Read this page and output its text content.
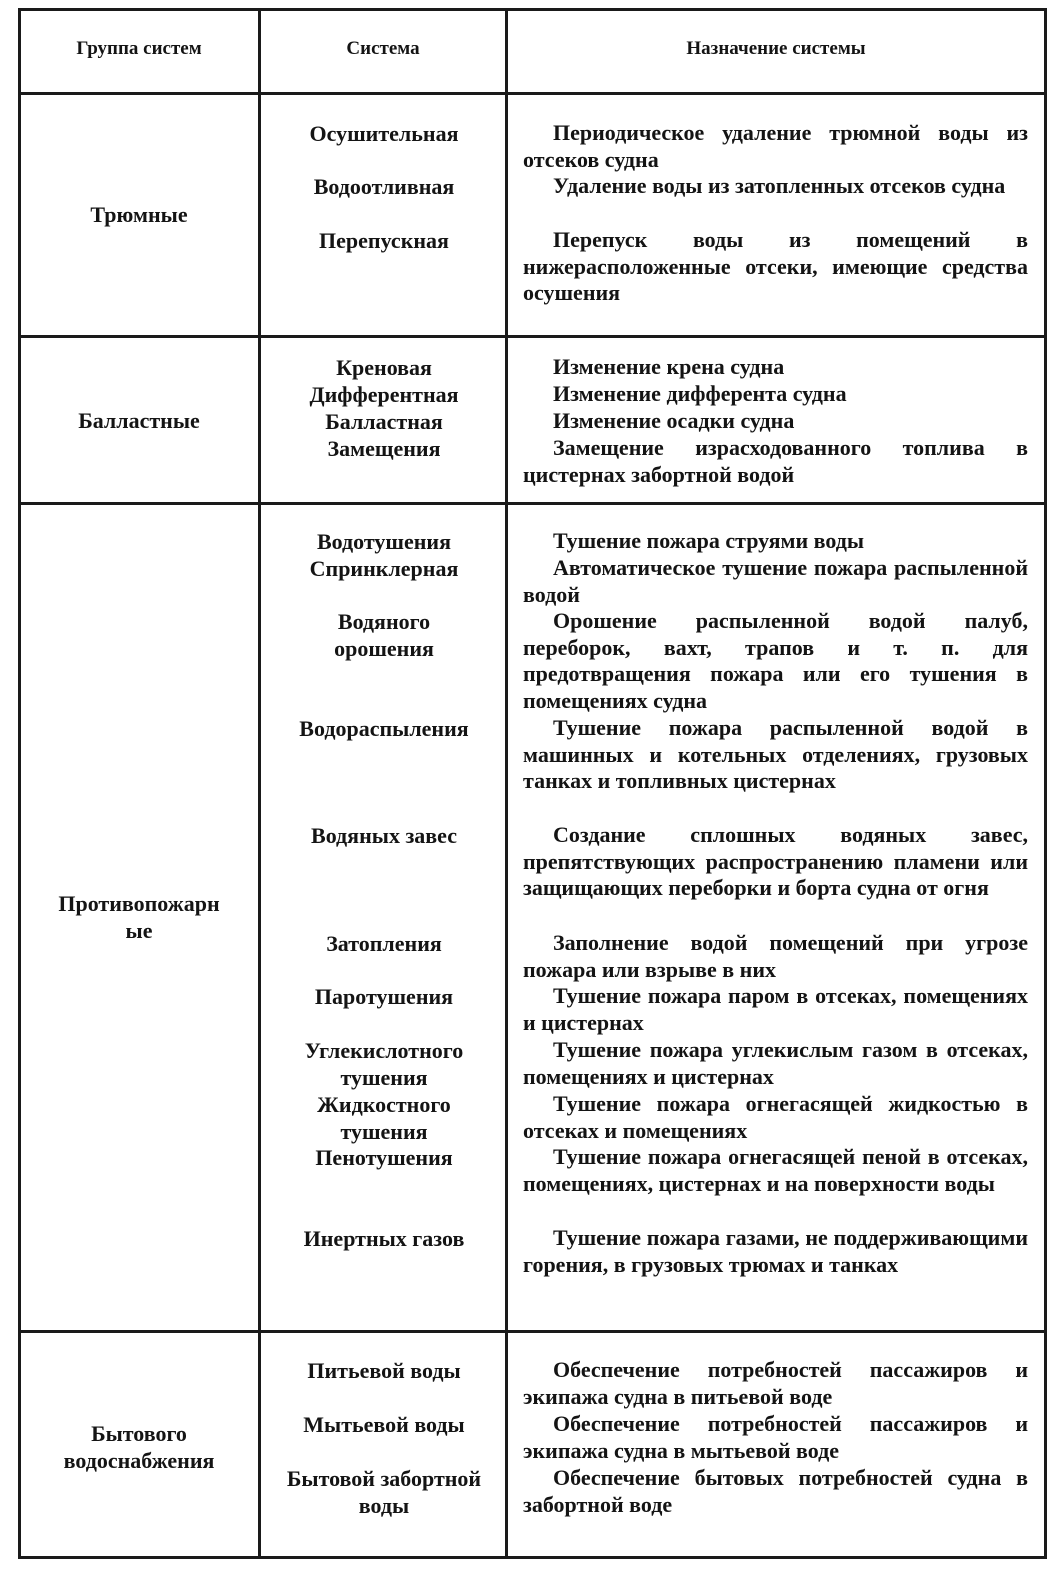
Группа систем	Система	Назначение системы
Трюмные
Осушительная
Водоотливная
Перепускная
Периодическое удаление трюмной воды из отсеков судна
Удаление воды из затопленных отсеков судна
Перепуск воды из помещений в нижерасположенные отсеки, имеющие средства осушения
Балластные
Креновая
Дифферентная
Балластная
Замещения
Изменение крена судна
Изменение дифферента судна
Изменение осадки судна
Замещение израсходованного топлива в цистернах забортной водой
Противопожарные
Водотушения
Спринклерная
Водяного орошения
Водораспыления
Водяных завес
Затопления
Паротушения
Углекислотного тушения
Жидкостного тушения
Пенотушения
Инертных газов
Тушение пожара струями воды
Автоматическое тушение пожара распыленной водой
Орошение распыленной водой палуб, переборок, вахт, трапов и т. п. для предотвращения пожара или его тушения в помещениях судна
Тушение пожара распыленной водой в машинных и котельных отделениях, грузовых танках и топливных цистернах
Создание сплошных водяных завес, препятствующих распространению пламени или защищающих переборки и борта судна от огня
Заполнение водой помещений при угрозе пожара или взрыве в них
Тушение пожара паром в отсеках, помещениях и цистернах
Тушение пожара углекислым газом в отсеках, помещениях и цистернах
Тушение пожара огнегасящей жидкостью в отсеках и помещениях
Тушение пожара огнегасящей пеной в отсеках, помещениях, цистернах и на поверхности воды
Тушение пожара газами, не поддерживающими горения, в грузовых трюмах и танках
Бытового водоснабжения
Питьевой воды
Мытьевой воды
Бытовой забортной воды
Обеспечение потребностей пассажиров и экипажа судна в питьевой воде
Обеспечение потребностей пассажиров и экипажа судна в мытьевой воде
Обеспечение бытовых потребностей судна в забортной воде
